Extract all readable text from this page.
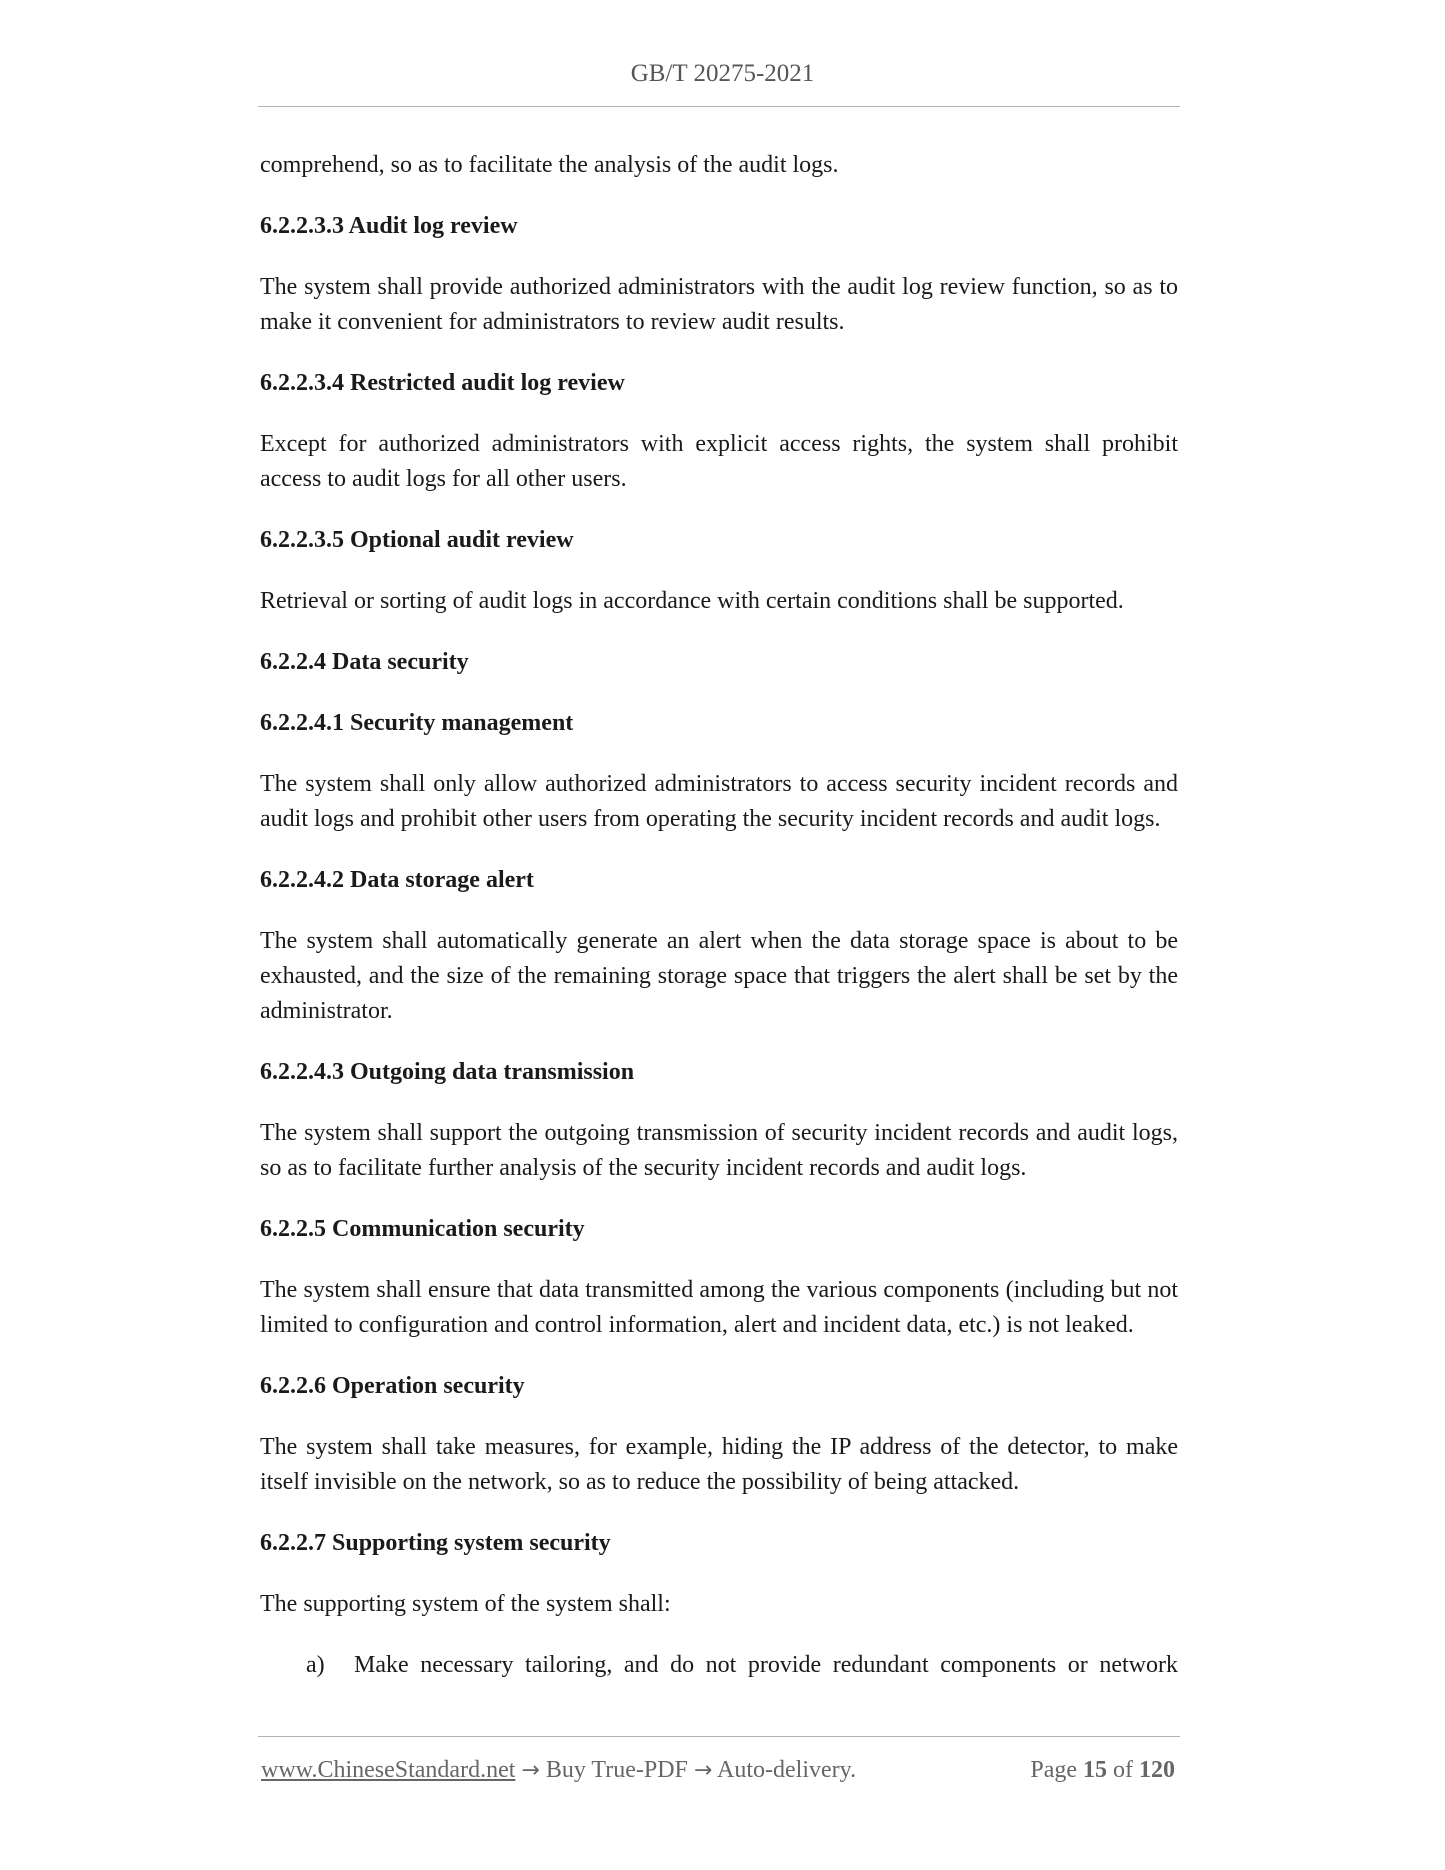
GB/T 20275-2021

comprehend, so as to facilitate the analysis of the audit logs.

6.2.2.3.3 Audit log review

The system shall provide authorized administrators with the audit log review function, so as to make it convenient for administrators to review audit results.

6.2.2.3.4 Restricted audit log review

Except for authorized administrators with explicit access rights, the system shall prohibit access to audit logs for all other users.

6.2.2.3.5 Optional audit review

Retrieval or sorting of audit logs in accordance with certain conditions shall be supported.

6.2.2.4 Data security

6.2.2.4.1 Security management

The system shall only allow authorized administrators to access security incident records and audit logs and prohibit other users from operating the security incident records and audit logs.

6.2.2.4.2 Data storage alert

The system shall automatically generate an alert when the data storage space is about to be exhausted, and the size of the remaining storage space that triggers the alert shall be set by the administrator.

6.2.2.4.3 Outgoing data transmission

The system shall support the outgoing transmission of security incident records and audit logs, so as to facilitate further analysis of the security incident records and audit logs.

6.2.2.5 Communication security

The system shall ensure that data transmitted among the various components (including but not limited to configuration and control information, alert and incident data, etc.) is not leaked.

6.2.2.6 Operation security

The system shall take measures, for example, hiding the IP address of the detector, to make itself invisible on the network, so as to reduce the possibility of being attacked.

6.2.2.7 Supporting system security

The supporting system of the system shall:

a)	Make necessary tailoring, and do not provide redundant components or network

www.ChineseStandard.net → Buy True-PDF → Auto-delivery.	Page 15 of 120
